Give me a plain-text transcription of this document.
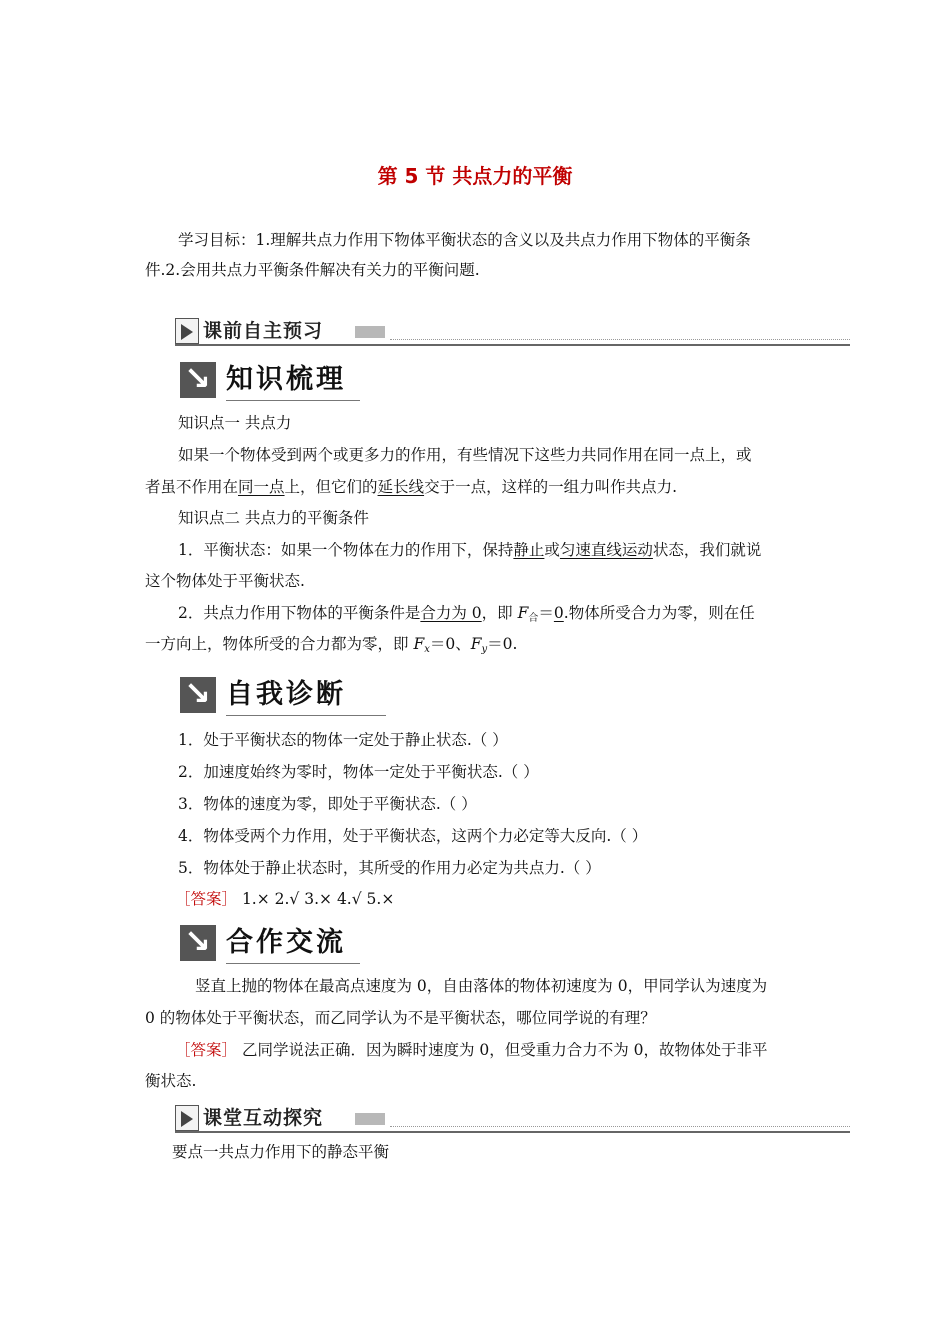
第 5 节 共点力的平衡
学习目标：1.理解共点力作用下物体平衡状态的含义以及共点力作用下物体的平衡条
件.2.会用共点力平衡条件解决有关力的平衡问题.
课前自主预习
↘ 知识梳理
知识点一 共点力
如果一个物体受到两个或更多力的作用，有些情况下这些力共同作用在同一点上，或
者虽不作用在同一点上，但它们的延长线交于一点，这样的一组力叫作共点力.
知识点二 共点力的平衡条件
1．平衡状态：如果一个物体在力的作用下，保持静止或匀速直线运动状态，我们就说
这个物体处于平衡状态.
2．共点力作用下物体的平衡条件是合力为 0，即 $F_合=0$.物体所受合力为零，则在任
一方向上，物体所受的合力都为零，即 $F_x=0$、$F_y=0$.
↘ 自我诊断
1．处于平衡状态的物体一定处于静止状态.（ ）
2．加速度始终为零时，物体一定处于平衡状态.（ ）
3．物体的速度为零，即处于平衡状态.（ ）
4．物体受两个力作用，处于平衡状态，这两个力必定等大反向.（ ）
5．物体处于静止状态时，其所受的作用力必定为共点力.（ ）
［答案］ 1.× 2.√ 3.× 4.√ 5.×
↘ 合作交流
竖直上抛的物体在最高点速度为 0，自由落体的物体初速度为 0，甲同学认为速度为
0 的物体处于平衡状态，而乙同学认为不是平衡状态，哪位同学说的有理？
［答案］ 乙同学说法正确．因为瞬时速度为 0，但受重力合力不为 0，故物体处于非平
衡状态.
课堂互动探究
要点一共点力作用下的静态平衡
